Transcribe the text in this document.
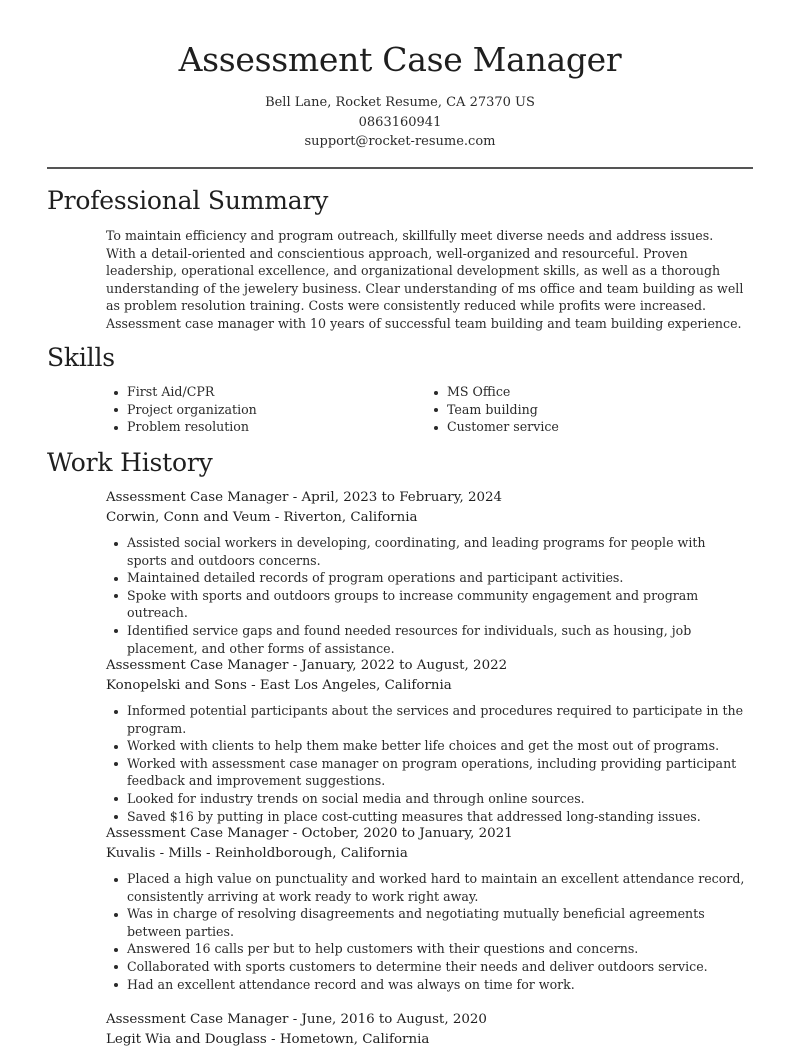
Assessment Case Manager
Bell Lane, Rocket Resume, CA 27370 US
0863160941
support@rocket-resume.com
Professional Summary

To maintain efficiency and program outreach, skillfully meet diverse needs and address issues. With a detail-oriented and conscientious approach, well-organized and resourceful. Proven leadership, operational excellence, and organizational development skills, as well as a thorough understanding of the jewelery business. Clear understanding of ms office and team building as well as problem resolution training. Costs were consistently reduced while profits were increased. Assessment case manager with 10 years of successful team building and team building experience.

Skills
First Aid/CPR
Project organization
Problem resolution
MS Office
Team building
Customer service
Work History

Assessment Case Manager - April, 2023 to February, 2024

Corwin, Conn and Veum - Riverton, California

Assisted social workers in developing, coordinating, and leading programs for people with sports and outdoors concerns.
Maintained detailed records of program operations and participant activities.
Spoke with sports and outdoors groups to increase community engagement and program outreach.
Identified service gaps and found needed resources for individuals, such as housing, job placement, and other forms of assistance.

Assessment Case Manager - January, 2022 to August, 2022

Konopelski and Sons - East Los Angeles, California

Informed potential participants about the services and procedures required to participate in the program.
Worked with clients to help them make better life choices and get the most out of programs.
Worked with assessment case manager on program operations, including providing participant feedback and improvement suggestions.
Looked for industry trends on social media and through online sources.
Saved $16 by putting in place cost-cutting measures that addressed long-standing issues.

Assessment Case Manager - October, 2020 to January, 2021

Kuvalis - Mills - Reinholdborough, California

Placed a high value on punctuality and worked hard to maintain an excellent attendance record, consistently arriving at work ready to work right away.
Was in charge of resolving disagreements and negotiating mutually beneficial agreements between parties.
Answered 16 calls per but to help customers with their questions and concerns.
Collaborated with sports customers to determine their needs and deliver outdoors service.
Had an excellent attendance record and was always on time for work.

Assessment Case Manager - June, 2016 to August, 2020

Legit Wia and Douglass - Hometown, California
